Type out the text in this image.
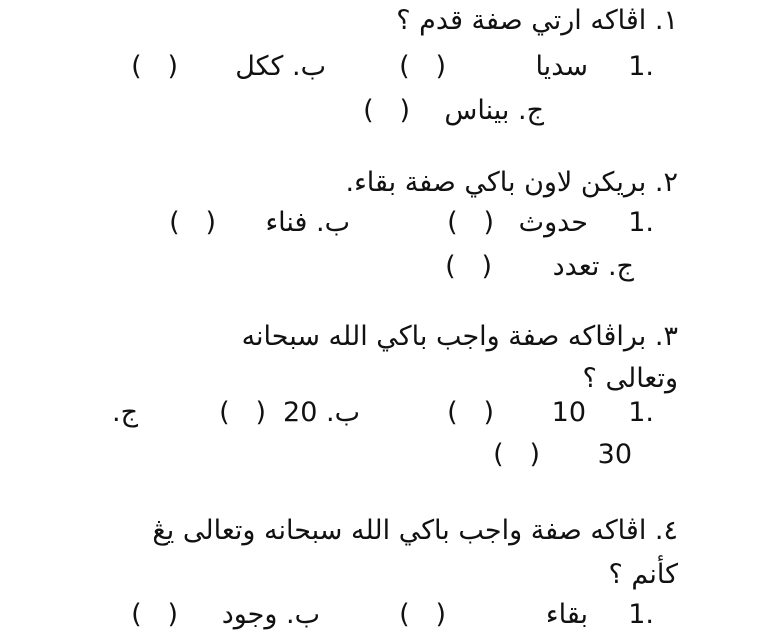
١. اڤاكه ارتي صفة قدم ؟
1.
سديا
(   )
ب. ككل
(   )
ج. بيناس
(   )
٢. بريكن لاون باكي صفة بقاء.
1.
حدوث
(   )
ب. فناء
(   )
ج. تعدد
(   )
٣. براڤاكه صفة واجب باكي الله سبحانه
وتعالى ؟
1.
10
(   )
ب. 20
(   )
ج.
30
(   )
٤. اڤاكه صفة واجب باكي الله سبحانه وتعالى يڠ
كأنم ؟
1.
بقاء
(   )
ب. وجود
(   )
